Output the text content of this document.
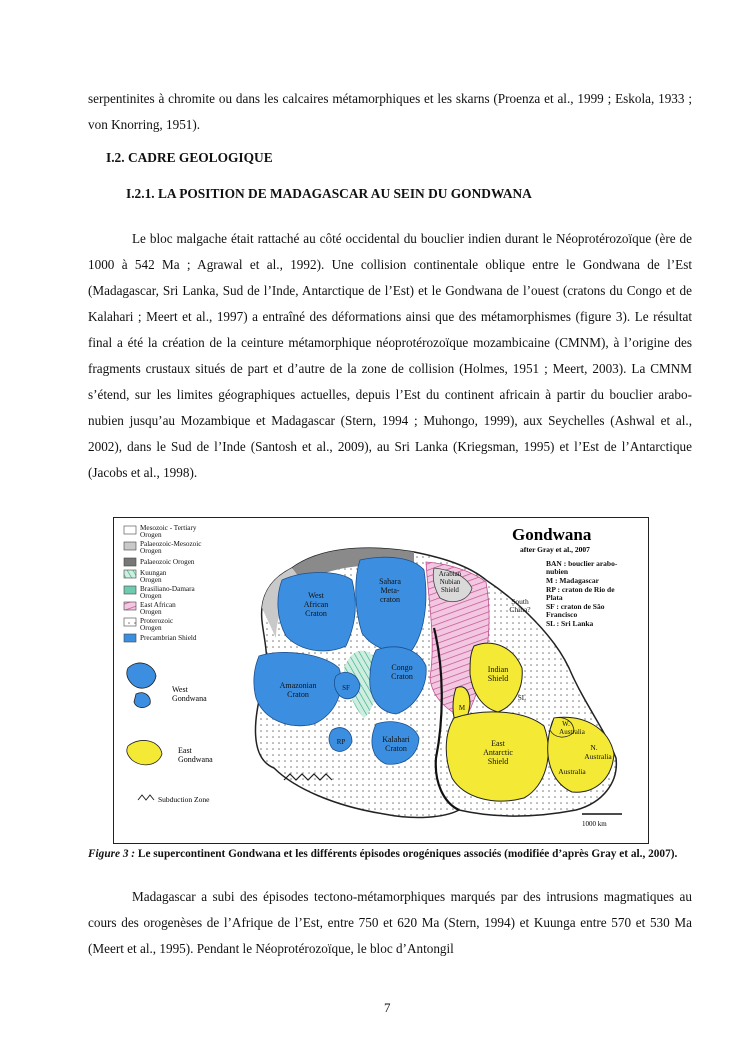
serpentinites à chromite ou dans les calcaires métamorphiques et les skarns (Proenza et al., 1999 ; Eskola, 1933 ; von Knorring, 1951).
I.2. CADRE GEOLOGIQUE
I.2.1. LA POSITION DE MADAGASCAR AU SEIN DU GONDWANA
Le bloc malgache était rattaché au côté occidental du bouclier indien durant le Néoprotérozoïque (ère de 1000 à 542 Ma ; Agrawal et al., 1992). Une collision continentale oblique entre le Gondwana de l’Est (Madagascar, Sri Lanka, Sud de l’Inde, Antarctique de l’Est) et le Gondwana de l’ouest (cratons du Congo et de Kalahari ; Meert et al., 1997) a entraîné des déformations ainsi que des métamorphismes (figure 3). Le résultat final a été la création de la ceinture métamorphique néoprotérozoïque mozambicaine (CMNM), à l’origine des fragments crustaux situés de part et d’autre de la zone de collision (Holmes, 1951 ; Meert, 2003). La CMNM s’étend, sur les limites géographiques actuelles, depuis l’Est du continent africain à partir du bouclier arabo-nubien jusqu’au Mozambique et Madagascar (Stern, 1994 ; Muhongo, 1999), aux Seychelles (Ashwal et al., 2002), dans le Sud de l’Inde (Santosh et al., 2009), au Sri Lanka (Kriegsman, 1995) et l’Est de l’Antarctique (Jacobs et al., 1998).
Mesozoic - Tertiary
Orogen
Palaeozoic-Mesozoic
Orogen
Palaeozoic Orogen
Kuungan
Orogen
Brasiliano-Damara
Orogen
East African
Orogen
Proterozoic
Orogen
Precambrian Shield
West
Gondwana
East
Gondwana
Subduction Zone
Gondwana
after Gray et al., 2007
BAN : bouclier arabo-
nubien
M : Madagascar
RP : craton de Rio de
Plata
SF : craton de São
Francisco
SL : Sri Lanka
West
African
Craton
Sahara
Meta-
craton
Arabian
Nubian
Shield
South
China?
Congo
Craton
Amazonian
Craton
SF
RP	Kalahari
Craton
Indian
Shield
SL
M
East
Antarctic
Shield
W.
Australia
N.
Australia
Australia
1000 km
Figure 3 : Le supercontinent Gondwana et les différents épisodes orogéniques associés (modifiée d’après Gray et al., 2007).
Madagascar a subi des épisodes tectono-métamorphiques marqués par des intrusions magmatiques au cours des orogenèses de l’Afrique de l’Est, entre 750 et 620 Ma (Stern, 1994) et Kuunga entre 570 et 530 Ma (Meert et al., 1995). Pendant le Néoprotérozoïque, le bloc d’Antongil
7
